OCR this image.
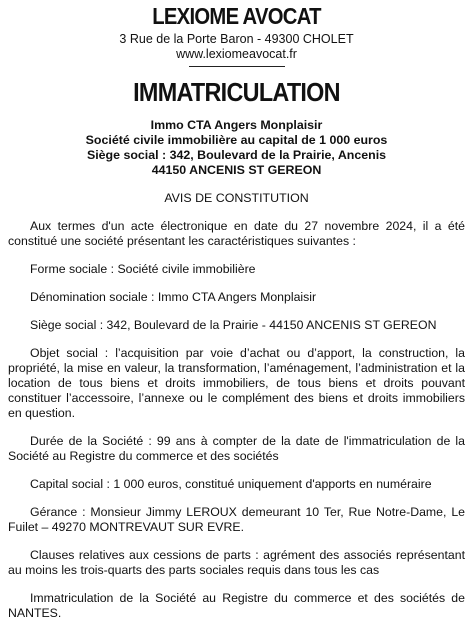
LEXIOME AVOCAT
3 Rue de la Porte Baron - 49300 CHOLET
www.lexiomeavocat.fr
IMMATRICULATION
Immo CTA Angers Monplaisir
Société civile immobilière au capital de 1 000 euros
Siège social : 342, Boulevard de la Prairie, Ancenis
44150 ANCENIS ST GEREON
AVIS DE CONSTITUTION
Aux termes d'un acte électronique en date du 27 novembre 2024, il a été constitué une société présentant les caractéristiques suivantes :
Forme sociale : Société civile immobilière
Dénomination sociale : Immo CTA Angers Monplaisir
Siège social : 342, Boulevard de la Prairie - 44150 ANCENIS ST GEREON
Objet social : l’acquisition par voie d’achat ou d’apport, la construction, la propriété, la mise en valeur, la transformation, l’aménagement, l’administration et la location de tous biens et droits immobiliers, de tous biens et droits pouvant constituer l’accessoire, l’annexe ou le complément des biens et droits immobiliers en question.
Durée de la Société : 99 ans à compter de la date de l'immatriculation de la Société au Registre du commerce et des sociétés
Capital social : 1 000 euros, constitué uniquement d'apports en numéraire
Gérance : Monsieur Jimmy LEROUX demeurant 10 Ter, Rue Notre-Dame, Le Fuilet – 49270 MONTREVAUT SUR EVRE.
Clauses relatives aux cessions de parts : agrément des associés représentant au moins les trois-quarts des parts sociales requis dans tous les cas
Immatriculation de la Société au Registre du commerce et des sociétés de NANTES.
